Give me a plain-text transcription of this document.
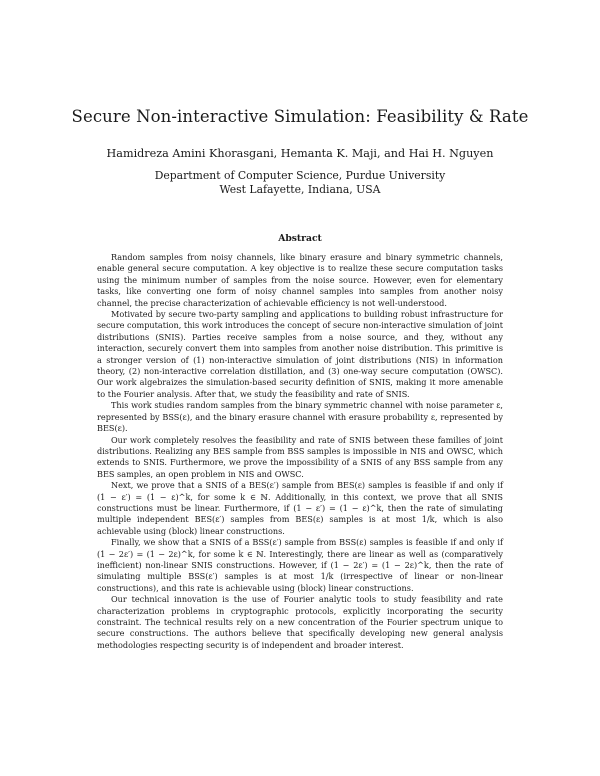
Secure Non-interactive Simulation: Feasibility & Rate
Hamidreza Amini Khorasgani, Hemanta K. Maji, and Hai H. Nguyen
Department of Computer Science, Purdue University
West Lafayette, Indiana, USA
Abstract

Random samples from noisy channels, like binary erasure and binary symmetric channels, enable general secure computation. A key objective is to realize these secure computation tasks using the minimum number of samples from the noise source. However, even for elementary tasks, like converting one form of noisy channel samples into samples from another noisy channel, the precise characterization of achievable efficiency is not well-understood.

Motivated by secure two-party sampling and applications to building robust infrastructure for secure computation, this work introduces the concept of secure non-interactive simulation of joint distributions (SNIS). Parties receive samples from a noise source, and they, without any interaction, securely convert them into samples from another noise distribution. This primitive is a stronger version of (1) non-interactive simulation of joint distributions (NIS) in information theory, (2) non-interactive correlation distillation, and (3) one-way secure computation (OWSC). Our work algebraizes the simulation-based security definition of SNIS, making it more amenable to the Fourier analysis. After that, we study the feasibility and rate of SNIS.

This work studies random samples from the binary symmetric channel with noise parameter ε, represented by BSS(ε), and the binary erasure channel with erasure probability ε, represented by BES(ε).

Our work completely resolves the feasibility and rate of SNIS between these families of joint distributions. Realizing any BES sample from BSS samples is impossible in NIS and OWSC, which extends to SNIS. Furthermore, we prove the impossibility of a SNIS of any BSS sample from any BES samples, an open problem in NIS and OWSC.

Next, we prove that a SNIS of a BES(ε′) sample from BES(ε) samples is feasible if and only if (1 − ε′) = (1 − ε)^k, for some k ∈ ℕ. Additionally, in this context, we prove that all SNIS constructions must be linear. Furthermore, if (1 − ε′) = (1 − ε)^k, then the rate of simulating multiple independent BES(ε′) samples from BES(ε) samples is at most 1/k, which is also achievable using (block) linear constructions.

Finally, we show that a SNIS of a BSS(ε′) sample from BSS(ε) samples is feasible if and only if (1 − 2ε′) = (1 − 2ε)^k, for some k ∈ ℕ. Interestingly, there are linear as well as (comparatively inefficient) non-linear SNIS constructions. However, if (1 − 2ε′) = (1 − 2ε)^k, then the rate of simulating multiple BSS(ε′) samples is at most 1/k (irrespective of linear or non-linear constructions), and this rate is achievable using (block) linear constructions.

Our technical innovation is the use of Fourier analytic tools to study feasibility and rate characterization problems in cryptographic protocols, explicitly incorporating the security constraint. The technical results rely on a new concentration of the Fourier spectrum unique to secure constructions. The authors believe that specifically developing new general analysis methodologies respecting security is of independent and broader interest.
